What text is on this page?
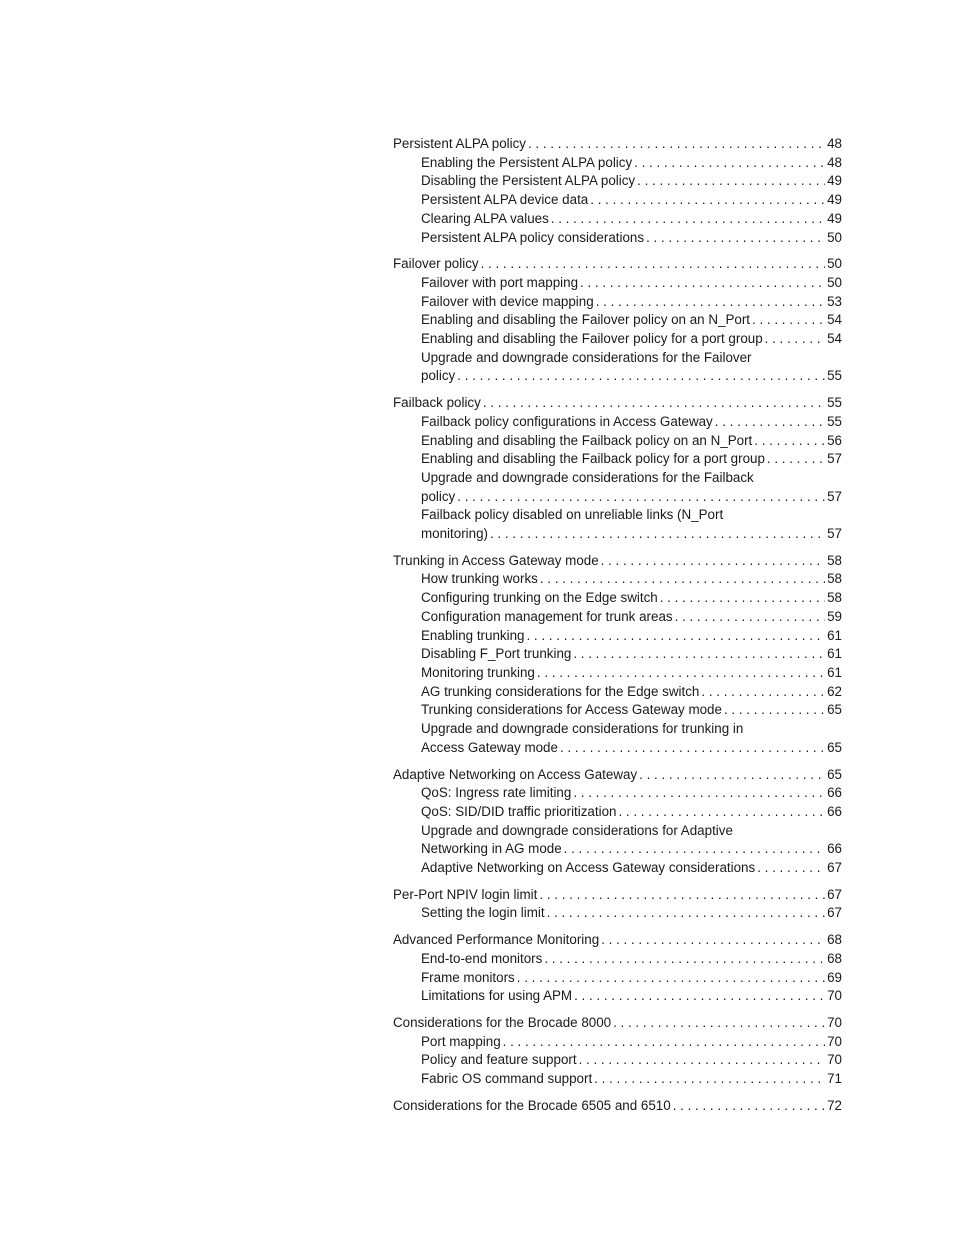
Persistent ALPA policy . . .	48
Enabling the Persistent ALPA policy . . .	48
Disabling the Persistent ALPA policy . . .	49
Persistent ALPA device data . . .	49
Clearing ALPA values . . .	49
Persistent ALPA policy considerations . . .	50
Failover policy . . .	50
Failover with port mapping . . .	50
Failover with device mapping . . .	53
Enabling and disabling the Failover policy on an N_Port . . .	54
Enabling and disabling the Failover policy for a port group . . .	54
Upgrade and downgrade considerations for the Failover
policy . . .	55
Failback policy . . .	55
Failback policy configurations in Access Gateway . . .	55
Enabling and disabling the Failback policy on an N_Port . . .	56
Enabling and disabling the Failback policy for a port group . . .	57
Upgrade and downgrade considerations for the Failback
policy . . .	57
Failback policy disabled on unreliable links (N_Port
monitoring) . . .	57
Trunking in Access Gateway mode . . .	58
How trunking works . . .	58
Configuring trunking on the Edge switch . . .	58
Configuration management for trunk areas . . .	59
Enabling trunking . . .	61
Disabling F_Port trunking . . .	61
Monitoring trunking . . .	61
AG trunking considerations for the Edge switch . . .	62
Trunking considerations for Access Gateway mode . . .	65
Upgrade and downgrade considerations for trunking in
Access Gateway mode . . .	65
Adaptive Networking on Access Gateway . . .	65
QoS: Ingress rate limiting . . .	66
QoS: SID/DID traffic prioritization . . .	66
Upgrade and downgrade considerations for Adaptive
Networking in AG mode . . .	66
Adaptive Networking on Access Gateway considerations . . .	67
Per-Port NPIV login limit . . .	67
Setting the login limit . . .	67
Advanced Performance Monitoring . . .	68
End-to-end monitors . . .	68
Frame monitors . . .	69
Limitations for using APM . . .	70
Considerations for the Brocade 8000 . . .	70
Port mapping . . .	70
Policy and feature support . . .	70
Fabric OS command support . . .	71
Considerations for the Brocade 6505 and 6510 . . .	72
